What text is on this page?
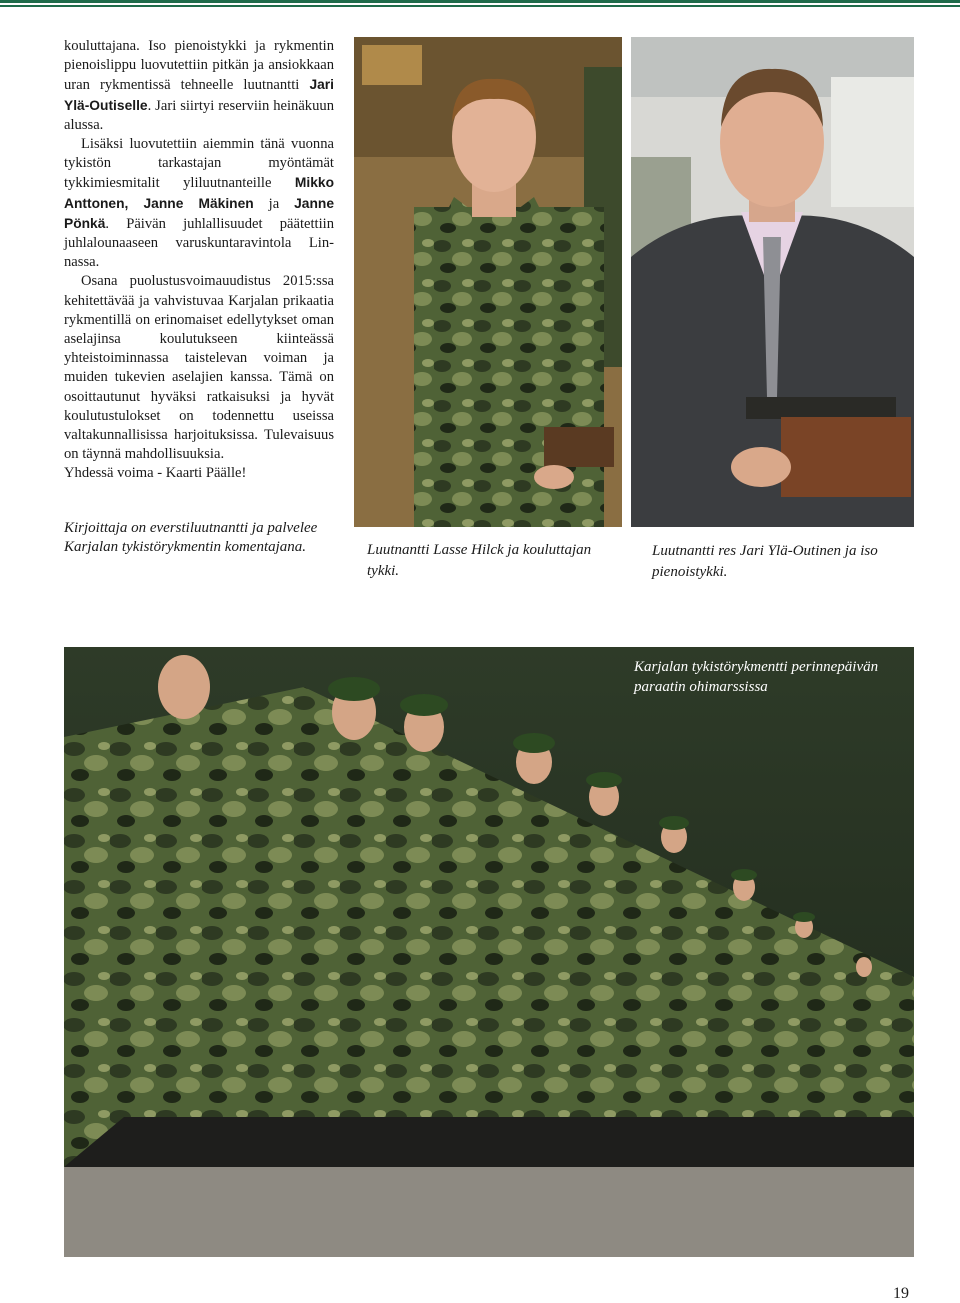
kouluttajana. Iso pienoistykki ja rykmentin pienoislippu luovutettiin pitkän ja ansiokkaan uran rykmentissä tehneelle luutnantti Jari Ylä-Outiselle. Jari siirtyi reserviin heinäkuun alussa.

Lisäksi luovutettiin aiemmin tänä vuonna tykistön tarkastajan myöntämät tykkimiesmitalit yliluutnanteille Mikko Anttonen, Janne Mäkinen ja Janne Pönkä. Päivän juhlallisuudet päätettiin juhlalounaaseen varuskuntaravintola Linnassa.

Osana puolustusvoimauudistus 2015:ssa kehitettävää ja vahvistuvaa Karjalan prikaatia rykmentillä on erinomaiset edellytykset oman aselajinsa koulutukseen kiinteässä yhteistoiminnassa taistelevan voiman ja muiden tukevien aselajien kanssa. Tämä on osoittautunut hyväksi ratkaisuksi ja hyvät koulutustulokset on todennettu useissa valtakunnallisissa harjoituksissa. Tulevaisuus on täynnä mahdollisuuksia.

Yhdessä voima - Kaarti Päälle!

Kirjoittaja on everstiluutnantti ja palvelee Karjalan tykistörykmentin komentajana.	Luutnantti Lasse Hilck ja kouluttajan tykki.
Luutnantti res Jari Ylä-Outinen ja iso pienoistykki.
Karjalan tykistörykmentti perinnepäivän paraatin ohimarssissa
19
